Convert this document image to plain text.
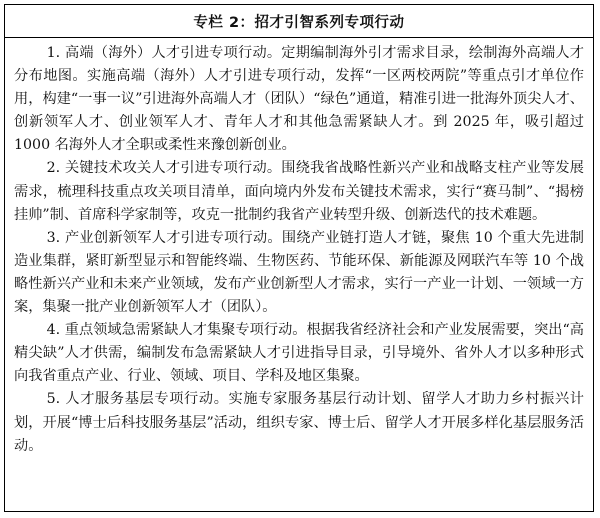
专栏 2：招才引智系列专项行动

1. 高端（海外）人才引进专项行动。定期编制海外引才需求目录，绘制海外高端人才分布地图。实施高端（海外）人才引进专项行动，发挥“一区两校两院”等重点引才单位作用，构建“一事一议”引进海外高端人才（团队）“绿色”通道，精准引进一批海外顶尖人才、创新领军人才、创业领军人才、青年人才和其他急需紧缺人才。到 2025 年，吸引超过 1000 名海外人才全职或柔性来豫创新创业。

2. 关键技术攻关人才引进专项行动。围绕我省战略性新兴产业和战略支柱产业等发展需求，梳理科技重点攻关项目清单，面向境内外发布关键技术需求，实行“赛马制”、“揭榜挂帅”制、首席科学家制等，攻克一批制约我省产业转型升级、创新迭代的技术难题。

3. 产业创新领军人才引进专项行动。围绕产业链打造人才链，聚焦 10 个重大先进制造业集群，紧盯新型显示和智能终端、生物医药、节能环保、新能源及网联汽车等 10 个战略性新兴产业和未来产业领域，发布产业创新型人才需求，实行一产业一计划、一领域一方案，集聚一批产业创新领军人才（团队）。

4. 重点领域急需紧缺人才集聚专项行动。根据我省经济社会和产业发展需要，突出“高精尖缺”人才供需，编制发布急需紧缺人才引进指导目录，引导境外、省外人才以多种形式向我省重点产业、行业、领域、项目、学科及地区集聚。

5. 人才服务基层专项行动。实施专家服务基层行动计划、留学人才助力乡村振兴计划，开展“博士后科技服务基层”活动，组织专家、博士后、留学人才开展多样化基层服务活动。
